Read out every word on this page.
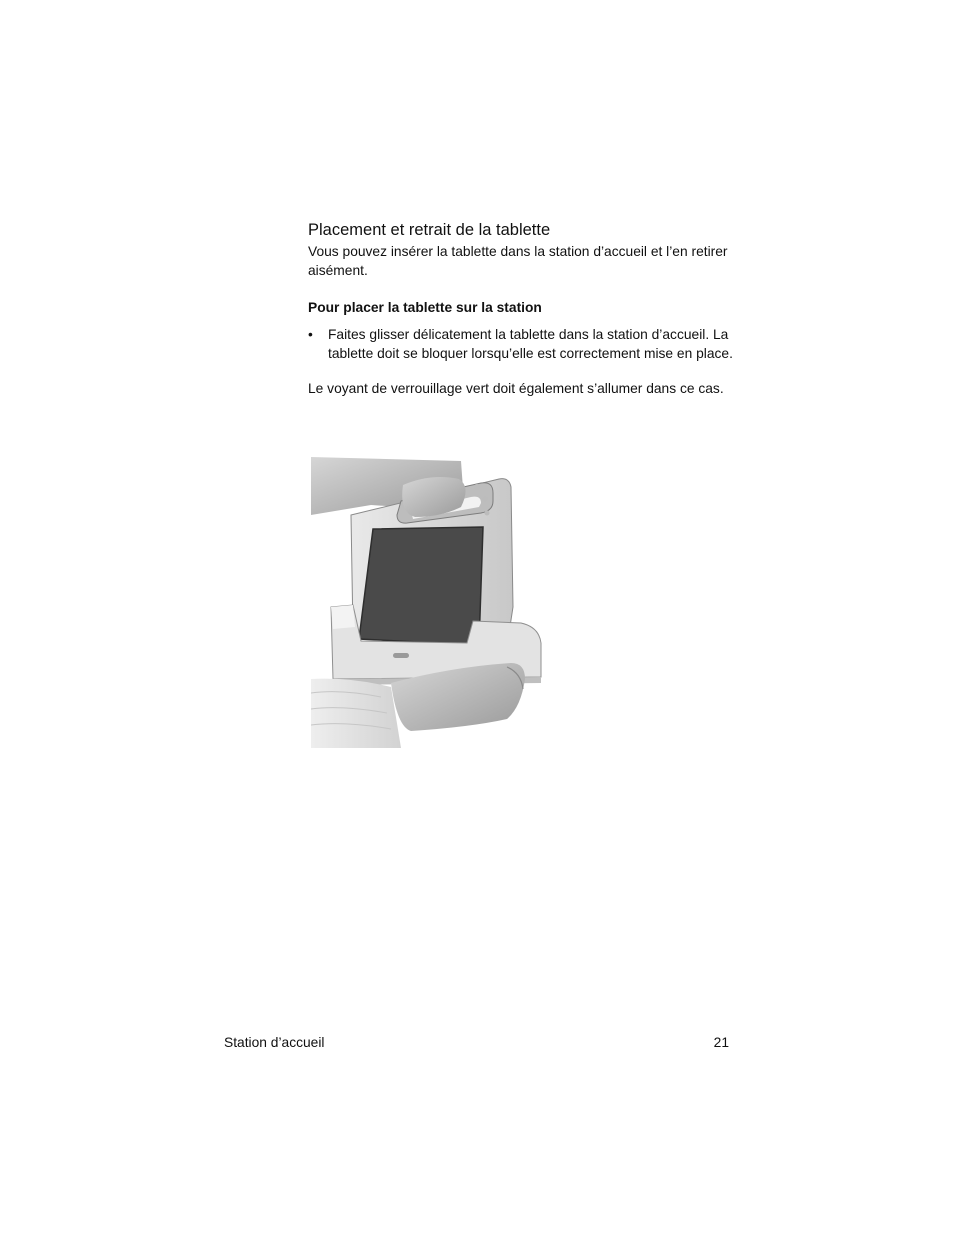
Placement et retrait de la tablette

Vous pouvez insérer la tablette dans la station d’accueil et l’en retirer aisément.

Pour placer la tablette sur la station

• Faites glisser délicatement la tablette dans la station d’accueil. La tablette doit se bloquer lorsqu’elle est correctement mise en place.

Le voyant de verrouillage vert doit également s’allumer dans ce cas.

Station d’accueil	21
